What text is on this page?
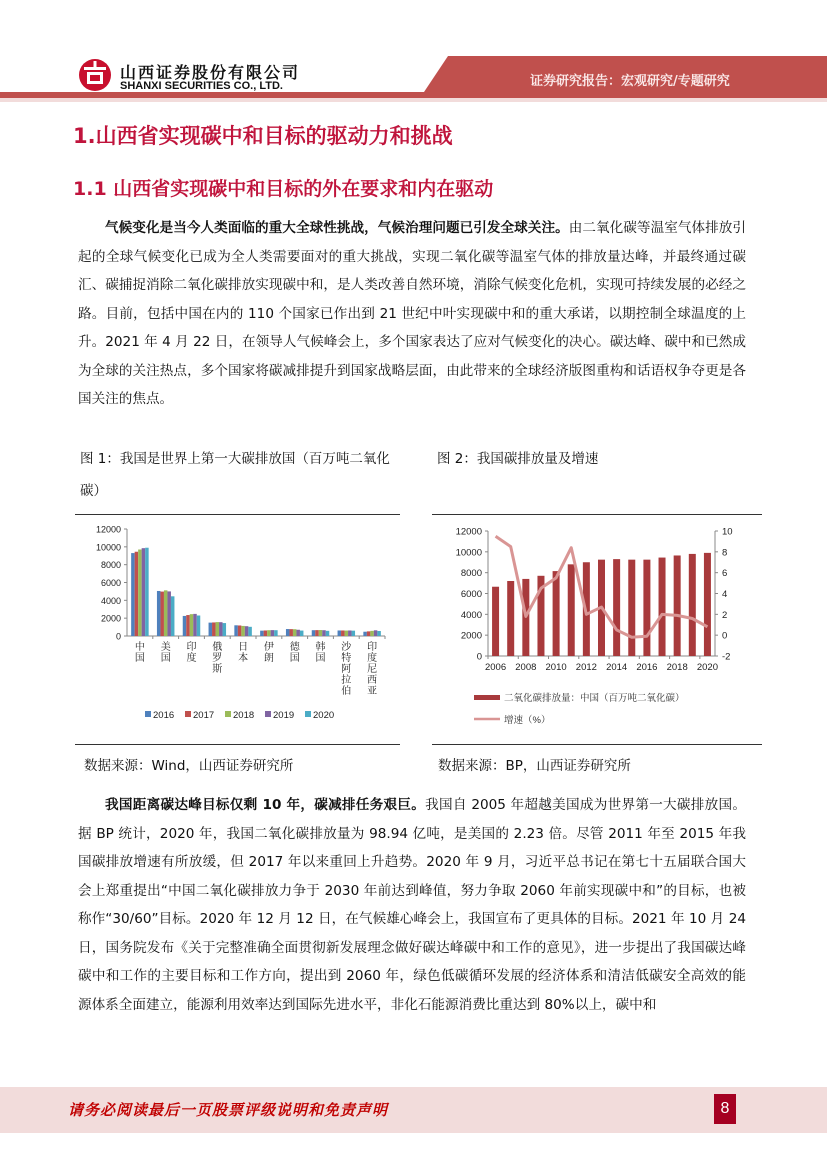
山西证券股份有限公司
SHANXI SECURITIES CO., LTD.	证券研究报告：宏观研究/专题研究
1.山西省实现碳中和目标的驱动力和挑战
1.1 山西省实现碳中和目标的外在要求和内在驱动
气候变化是当今人类面临的重大全球性挑战，气候治理问题已引发全球关注。由二氧化碳等温室气体排放引起的全球气候变化已成为全人类需要面对的重大挑战，实现二氧化碳等温室气体的排放量达峰，并最终通过碳汇、碳捕捉消除二氧化碳排放实现碳中和，是人类改善自然环境，消除气候变化危机，实现可持续发展的必经之路。目前，包括中国在内的 110 个国家已作出到 21 世纪中叶实现碳中和的重大承诺，以期控制全球温度的上升。2021 年 4 月 22 日，在领导人气候峰会上，多个国家表达了应对气候变化的决心。碳达峰、碳中和已然成为全球的关注热点，多个国家将碳减排提升到国家战略层面，由此带来的全球经济版图重构和话语权争夺更是各国关注的焦点。
图 1：我国是世界上第一大碳排放国（百万吨二氧化碳）
图 2：我国碳排放量及增速
0
2000
4000
6000
8000
10000
12000
中
国
美
国
印
度
俄
罗
斯
日
本
伊
朗
德
国
韩
国
沙
特
阿
拉
伯
印
度
尼
西
亚
2016 2017 2018 2019 2020
0
2000
4000
6000
8000
10000
12000
-2
0
2
4
6
8
10
2006 2008 2010 2012 2014 2016 2018 2020
二氧化碳排放量：中国（百万吨二氧化碳）
增速（%）
数据来源：Wind，山西证券研究所	数据来源：BP，山西证券研究所
我国距离碳达峰目标仅剩 10 年，碳减排任务艰巨。我国自 2005 年超越美国成为世界第一大碳排放国。据 BP 统计，2020 年，我国二氧化碳排放量为 98.94 亿吨，是美国的 2.23 倍。尽管 2011 年至 2015 年我国碳排放增速有所放缓，但 2017 年以来重回上升趋势。2020 年 9 月，习近平总书记在第七十五届联合国大会上郑重提出“中国二氧化碳排放力争于 2030 年前达到峰值，努力争取 2060 年前实现碳中和”的目标，也被称作“30/60”目标。2020 年 12 月 12 日，在气候雄心峰会上，我国宣布了更具体的目标。2021 年 10 月 24 日，国务院发布《关于完整准确全面贯彻新发展理念做好碳达峰碳中和工作的意见》，进一步提出了我国碳达峰碳中和工作的主要目标和工作方向，提出到 2060 年，绿色低碳循环发展的经济体系和清洁低碳安全高效的能源体系全面建立，能源利用效率达到国际先进水平，非化石能源消费比重达到 80%以上，碳中和
请务必阅读最后一页股票评级说明和免责声明	8
